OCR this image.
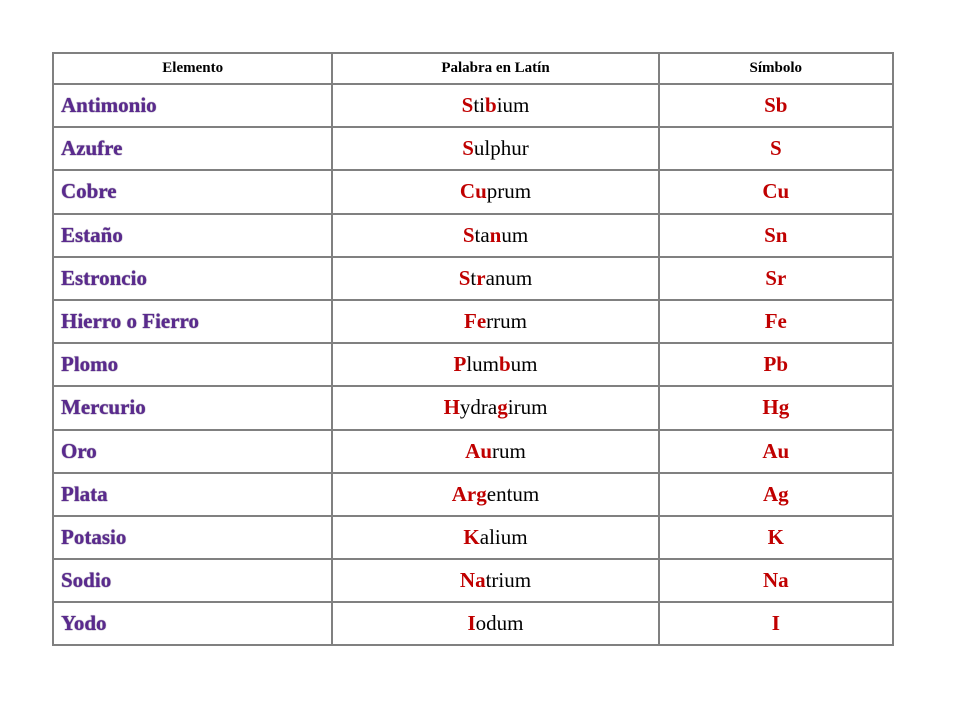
Elemento	Palabra en Latín	Símbolo
Antimonio	Stibium	Sb
Azufre	Sulphur	S
Cobre	Cuprum	Cu
Estaño	Stanum	Sn
Estroncio	Stranum	Sr
Hierro o Fierro	Ferrum	Fe
Plomo	Plumbum	Pb
Mercurio	Hydragirum	Hg
Oro	Aurum	Au
Plata	Argentum	Ag
Potasio	Kalium	K
Sodio	Natrium	Na
Yodo	Iodum	I
